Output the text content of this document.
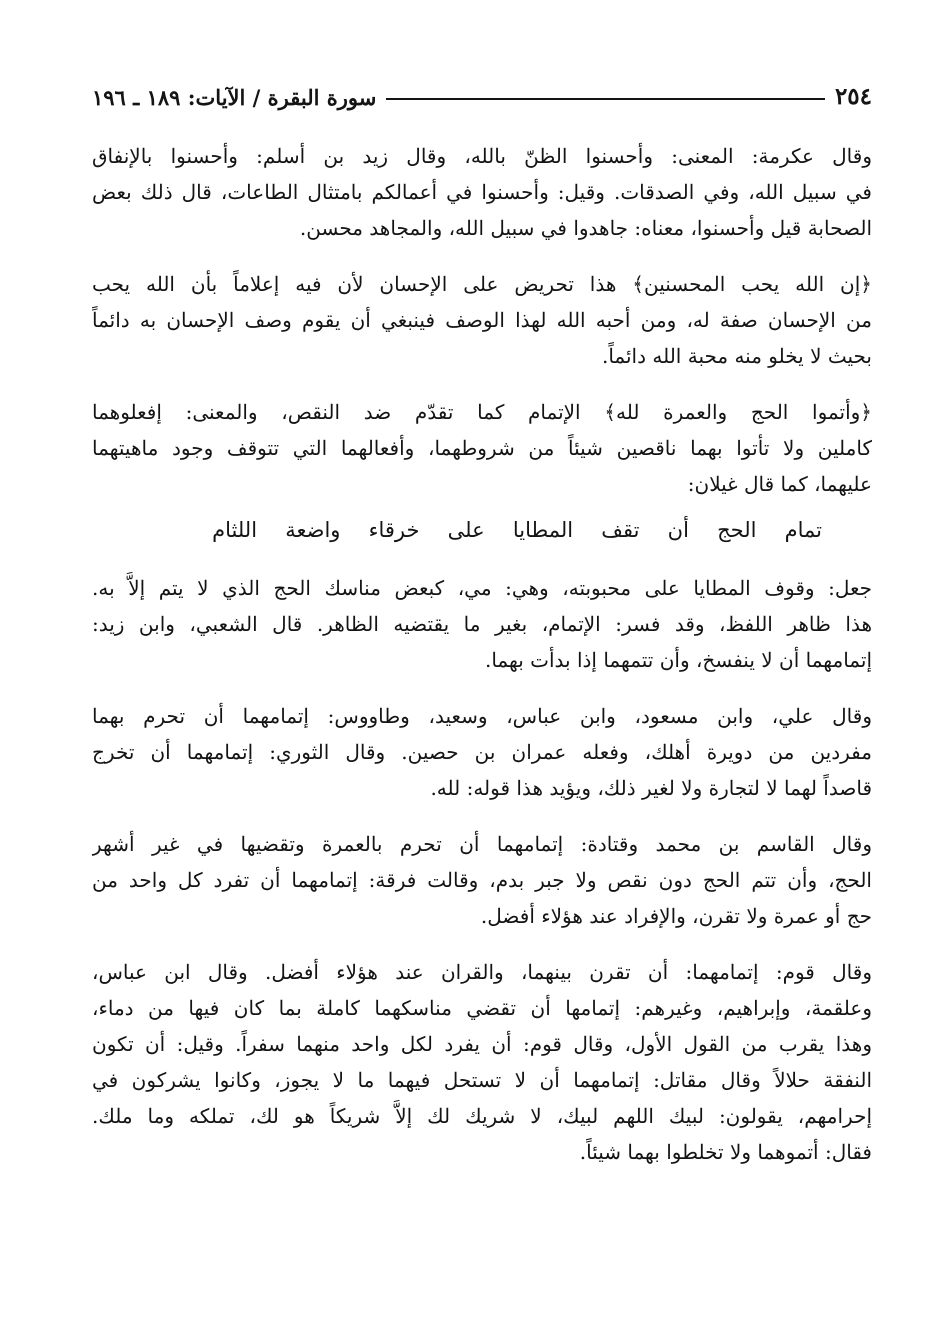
٢٥٤
سورة البقرة / الآيات: ١٨٩ ـ ١٩٦
وقال عكرمة: المعنى: وأحسنوا الظنّ بالله، وقال زيد بن أسلم: وأحسنوا بالإنفاق
في سبيل الله، وفي الصدقات. وقيل: وأحسنوا في أعمالكم بامتثال الطاعات، قال ذلك بعض
الصحابة قيل وأحسنوا، معناه: جاهدوا في سبيل الله، والمجاهد محسن.
﴿إن الله يحب المحسنين﴾ هذا تحريض على الإحسان لأن فيه إعلاماً بأن الله يحب
من الإحسان صفة له، ومن أحبه الله لهذا الوصف فينبغي أن يقوم وصف الإحسان به دائماً
بحيث لا يخلو منه محبة الله دائماً.
﴿وأتموا الحج والعمرة لله﴾ الإتمام كما تقدّم ضد النقص، والمعنى: إفعلوهما
كاملين ولا تأتوا بهما ناقصين شيئاً من شروطهما، وأفعالهما التي تتوقف وجود ماهيتهما
عليهما، كما قال غيلان:
تمام
الحج
أن
تقف
المطايا
على
خرقاء
واضعة
اللثام
جعل: وقوف المطايا على محبوبته، وهي: مي، كبعض مناسك الحج الذي لا يتم إلاَّ به.
هذا ظاهر اللفظ، وقد فسر: الإتمام، بغير ما يقتضيه الظاهر. قال الشعبي، وابن زيد:
إتمامهما أن لا ينفسخ، وأن تتمهما إذا بدأت بهما.
وقال علي، وابن مسعود، وابن عباس، وسعيد، وطاووس: إتمامهما أن تحرم بهما
مفردين من دويرة أهلك، وفعله عمران بن حصين. وقال الثوري: إتمامهما أن تخرج
قاصداً لهما لا لتجارة ولا لغير ذلك، ويؤيد هذا قوله: لله.
وقال القاسم بن محمد وقتادة: إتمامهما أن تحرم بالعمرة وتقضيها في غير أشهر
الحج، وأن تتم الحج دون نقص ولا جبر بدم، وقالت فرقة: إتمامهما أن تفرد كل واحد من
حج أو عمرة ولا تقرن، والإفراد عند هؤلاء أفضل.
وقال قوم: إتمامهما: أن تقرن بينهما، والقران عند هؤلاء أفضل. وقال ابن عباس،
وعلقمة، وإبراهيم، وغيرهم: إتمامها أن تقضي مناسكهما كاملة بما كان فيها من دماء،
وهذا يقرب من القول الأول، وقال قوم: أن يفرد لكل واحد منهما سفراً. وقيل: أن تكون
النفقة حلالاً وقال مقاتل: إتمامهما أن لا تستحل فيهما ما لا يجوز، وكانوا يشركون في
إحرامهم، يقولون: لبيك اللهم لبيك، لا شريك لك إلاَّ شريكاً هو لك، تملكه وما ملك.
فقال: أتموهما ولا تخلطوا بهما شيئاً.
